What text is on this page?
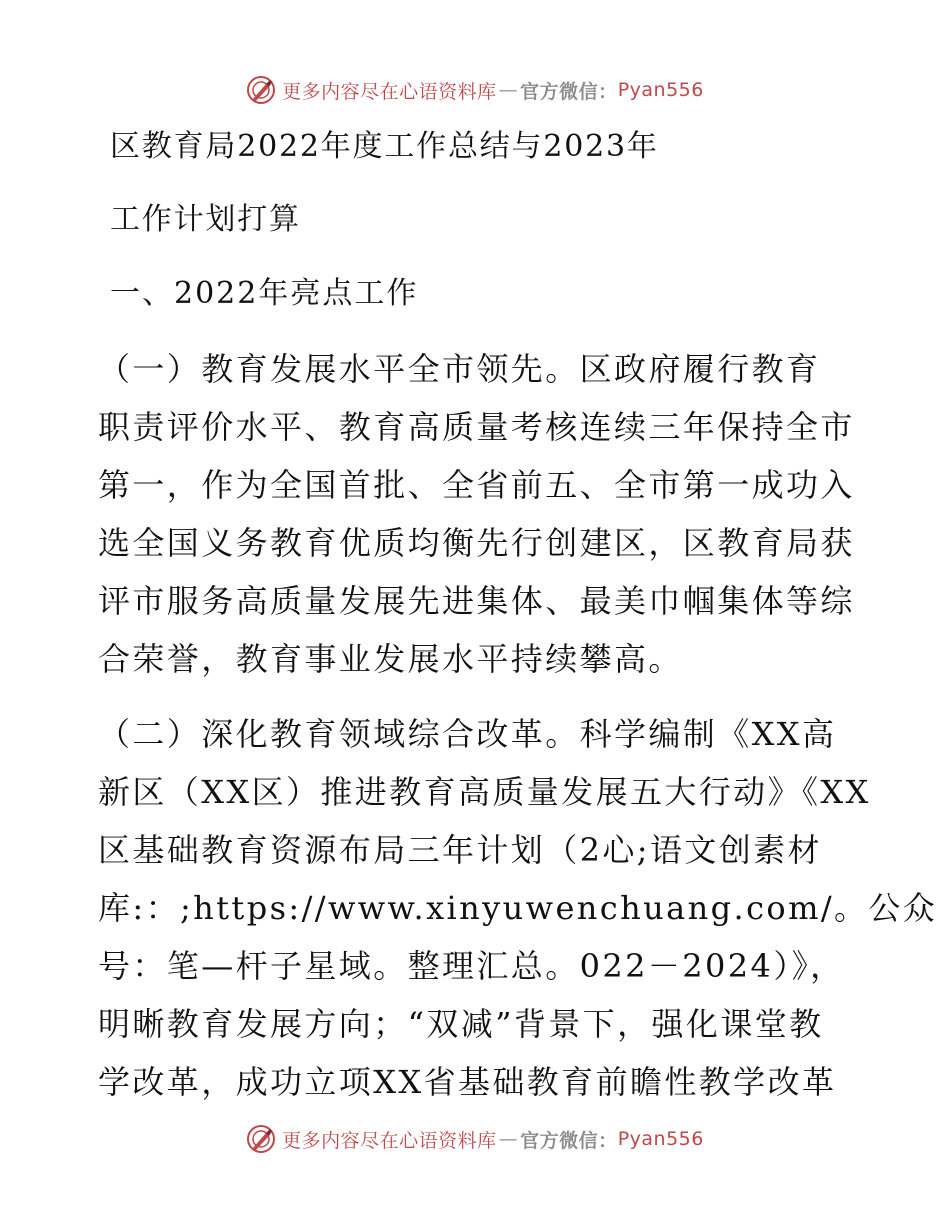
更多内容尽在心语资料库 — 官方微信： Pyan556
区教育局2022年度工作总结与2023年
工作计划打算
一、2022年亮点工作
（一）教育发展水平全市领先。区政府履行教育
职责评价水平、教育高质量考核连续三年保持全市
第一，作为全国首批、全省前五、全市第一成功入
选全国义务教育优质均衡先行创建区，区教育局获
评市服务高质量发展先进集体、最美巾帼集体等综
合荣誉，教育事业发展水平持续攀高。
（二）深化教育领域综合改革。科学编制《XX高
新区（XX区）推进教育高质量发展五大行动》《XX
区基础教育资源布局三年计划（2心;语文创素材
库:：;https://www.xinyuwenchuang.com/。公众
号：笔—杆子星域。整理汇总。022－2024）》，
明晰教育发展方向；“双减”背景下，强化课堂教
学改革，成功立项XX省基础教育前瞻性教学改革
更多内容尽在心语资料库 — 官方微信： Pyan556
